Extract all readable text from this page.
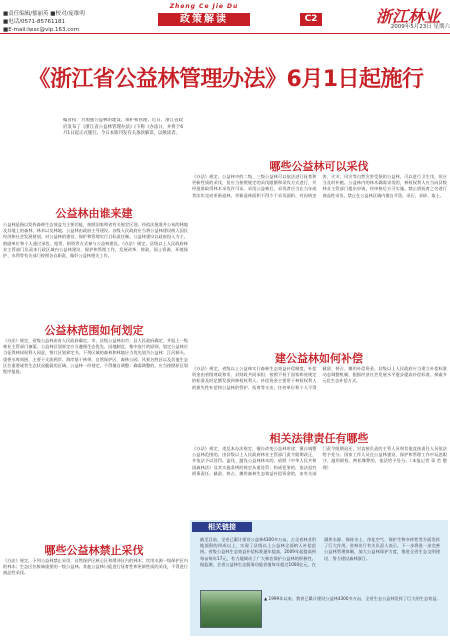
■责任编辑/郁丽英 ■校对/庞维明
■电话/0571-85761181
■E-mail:lwxc@vip.163.com
Zheng Ce Jie Du
政策解读	C2	浙江林业
2009年5月23日 星期六
《浙江省公益林管理办法》6月1日起施行
编者按：为加强公益林的建设、保护和管理，近日，浙江省政府发布了《浙江省公益林管理办法》(下称《办法》)，并将于6月1日起正式施行。今日本版刊发有关条款解读，以飨读者。
公益林由谁来建
公益林是指以发挥森林生态效益为主要功能，按照国家和省有关规定区划，经依法批准并公布的林地及其地上的森林、林木以及林地。公益林由政府主导建设。各级人民政府应当将公益林建设纳入国民经济和社会发展规划，对公益林的建设、保护和管理实行目标责任制。公益林建设以政府投入为主，鼓励单位和个人通过承包、租赁、捐资等方式参与公益林建设。《办法》规定，县级以上人民政府林业主管部门负责本行政区域内公益林建设、保护和管理工作，发展改革、财政、国土资源、环境保护、水利等有关部门按照各自职责，做好公益林相关工作。
公益林范围如何划定
《办法》规定，省级公益林由省人民政府确定，市、县级公益林由市、县人民政府确定，并报上一级林业主管部门备案。公益林区划界定应当遵循生态优先、因地制宜、集中连片的原则。划定公益林应当征得林权权利人同意，签订区划界定书。下列区域的森林和林地应当优先划为公益林：江河源头、重要水库周围、主要干支流两岸、海岸基干林带、自然保护区、森林公园、风景名胜区以及其他生态区位重要或者生态状况脆弱的区域。公益林一经划定，不得擅自调整；确需调整的，应当按照原区划程序报批。
哪些公益林禁止采伐
《办法》规定，下列公益林禁止采伐：自然保护区核心区和缓冲区内的林木；饮用水源一级保护区内的林木；生态区位极端重要的一级公益林。其他公益林只能进行抚育性和更新性质的采伐，不得进行商品性采伐。
哪些公益林可以采伐
《办法》规定，公益林中的二级、三级公益林可以依法进行抚育和更新性质的采伐，但应当按照规定的采伐限额和采伐方式进行，并经批准取得林木采伐许可证。采伐公益林后，采伐者应当在当年或者次年完成更新造林，更新造林面积不得少于采伐面积。对因病虫害、火灾、风灾等自然灾害受损的公益林，可以进行卫生伐，但应当及时补植。公益林内的林木确需采伐的，林权权利人应当向县级林业主管部门提出申请，经审核后方可实施。禁止借抚育之名进行商品性采伐，禁止在公益林区域内擅自开垦、采石、采砂、取土。
建公益林如何补偿
《办法》规定，省级以上公益林实行森林生态效益补偿制度，补偿资金由省级财政和市、县财政共同承担，按照不低于国家和省规定的标准及时足额发放到林权权利人。补偿资金主要用于林权权利人的损失性补偿和公益林的管护、抚育等支出。任何单位和个人不得截留、挤占、挪用补偿资金。县级以上人民政府应当建立补偿标准动态调整机制，根据经济社会发展水平逐步提高补偿标准，探索多元化生态补偿方式。
相关法律责任有哪些
《办法》规定，违反本办法规定，擅自改变公益林用途、擅自调整公益林范围的，由县级以上人民政府林业主管部门责令限期改正，并依法予以处罚。盗伐、滥伐公益林林木的，依照《中华人民共和国森林法》及其实施条例的规定从重处罚；构成犯罪的，依法追究刑事责任。截留、挤占、挪用森林生态效益补偿资金的，由有关部门责令限期退还，对直接负责的主管人员和其他直接责任人员依法给予处分。国家工作人员在公益林建设、保护和管理工作中玩忽职守、滥用职权、徇私舞弊的，依法给予处分。（本报记者 章 哲 整理）
相关链接
截至目前，全省已累计建设公益林4300多万亩，占全省林业用地面积的四成以上，实现了县级以上公益林全面纳入补偿范围。省级公益林生态效益补偿标准逐年提高，2009年起提高到每亩每年17元，有力地调动了广大林农保护公益林的积极性。据监测，全省公益林生态服务功能价值每年超过1000亿元，在涵养水源、保持水土、净化空气、保护生物多样性等方面发挥了巨大作用。省林业厅有关负责人表示，下一步将进一步完善公益林管理体制，加大公益林保护力度，推进全省生态文明建设，努力建设森林浙江。
▲ 1999年以来，我省已累计建设公益林4300多万亩，全省生态公益林发挥了巨大的生态效益。
